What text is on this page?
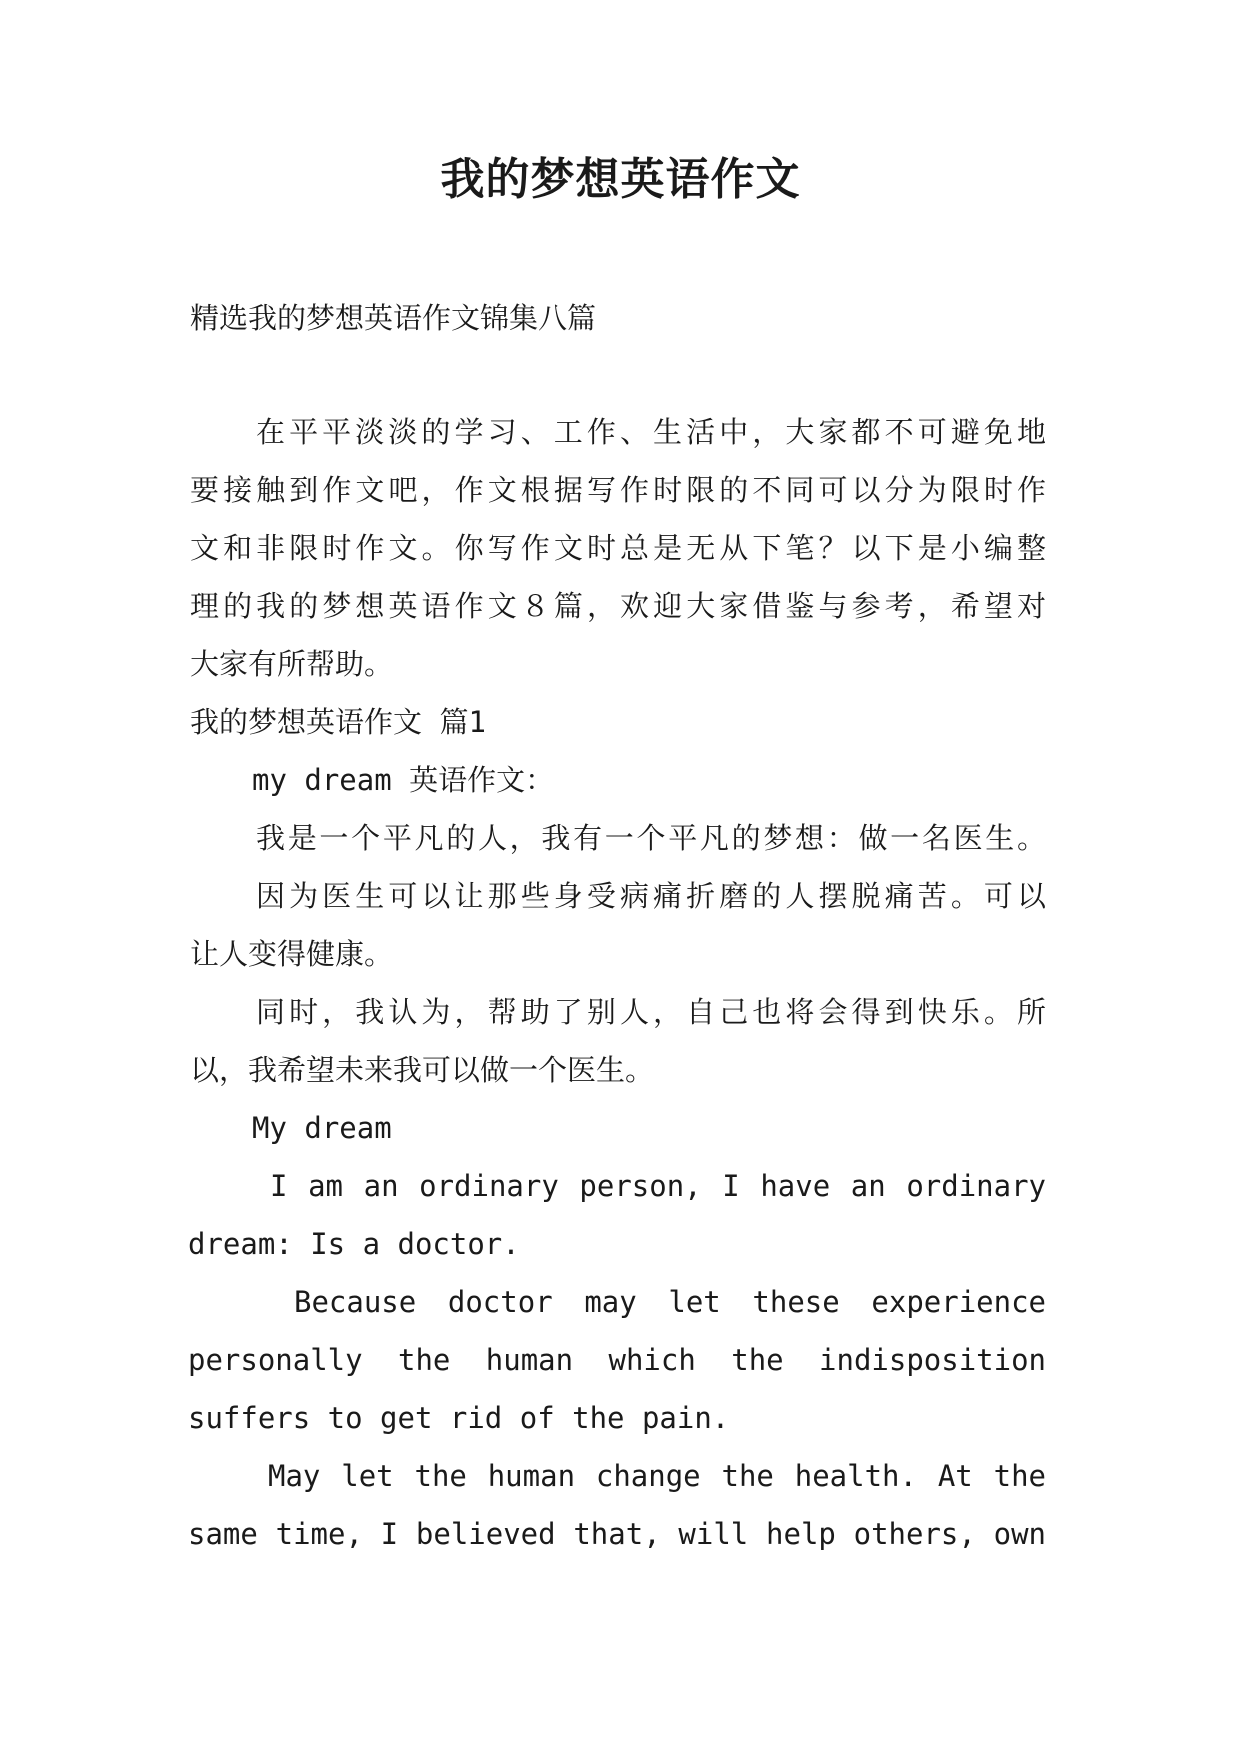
我的梦想英语作文
精选我的梦想英语作文锦集八篇
在平平淡淡的学习、工作、生活中，大家都不可避免地
要接触到作文吧，作文根据写作时限的不同可以分为限时作
文和非限时作文。你写作文时总是无从下笔？以下是小编整
理的我的梦想英语作文８篇，欢迎大家借鉴与参考，希望对
大家有所帮助。
我的梦想英语作文 篇1
my dream 英语作文：
我是一个平凡的人，我有一个平凡的梦想：做一名医生。
因为医生可以让那些身受病痛折磨的人摆脱痛苦。可以
让人变得健康。
同时，我认为，帮助了别人，自己也将会得到快乐。所
以，我希望未来我可以做一个医生。
My dream
I am an ordinary person, I have an ordinary
dream: Is a doctor.
Because doctor may let these experience
personally the human which the indisposition
suffers to get rid of the pain.
May let the human change the health. At the
same time, I believed that, will help others, own
